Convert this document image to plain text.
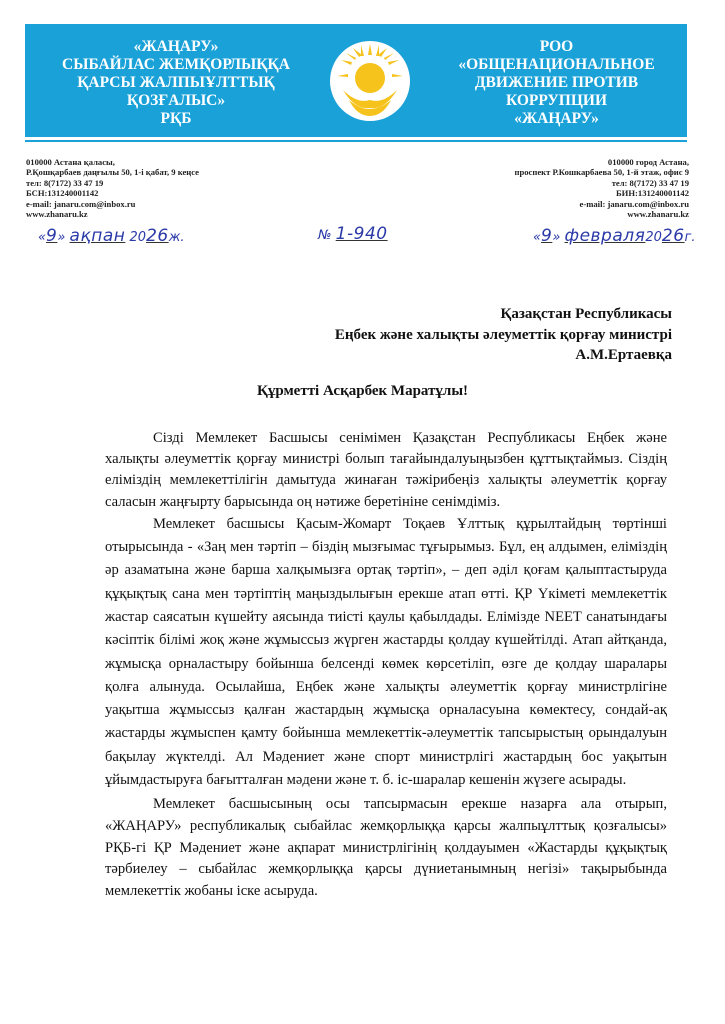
«ЖАҢАРУ»
СЫБАЙЛАС ЖЕМҚОРЛЫҚҚА
ҚАРСЫ ЖАЛПЫҰЛТТЫҚ
ҚОЗҒАЛЫС»
РҚБ
РОО
«ОБЩЕНАЦИОНАЛЬНОЕ
ДВИЖЕНИЕ ПРОТИВ
КОРРУПЦИИ
«ЖАҢАРУ»
010000 Астана қаласы,
Р.Қошқарбаев даңғылы 50, 1-і қабат, 9 кеңсе
тел: 8(7172) 33 47 19
БСН:131240001142
e-mail: janaru.com@inbox.ru
www.zhanaru.kz
010000 город Астана,
проспект Р.Кошкарбаева 50, 1-й этаж, офис 9
тел: 8(7172) 33 47 19
БИН:131240001142
e-mail: janaru.com@inbox.ru
www.zhanaru.kz
«9» ақпан 2026ж.	№ 1-940	«9» февраля2026г.
Қазақстан Республикасы
Еңбек және халықты әлеуметтік қорғау министрі
А.М.Ертаевқа
Құрметті Асқарбек Маратұлы!

Сізді Мемлекет Басшысы сенімімен Қазақстан Республикасы Еңбек және халықты әлеуметтік қорғау министрі болып тағайындалуыңызбен құттықтаймыз. Сіздің еліміздің мемлекеттілігін дамытуда жинаған тәжірибеңіз халықты әлеуметтік қорғау саласын жаңғырту барысында оң нәтиже беретініне сенімдіміз.

Мемлекет басшысы Қасым-Жомарт Тоқаев Ұлттық құрылтайдың төртінші отырысында - «Заң мен тәртіп – біздің мызғымас тұғырымыз. Бұл, ең алдымен, еліміздің әр азаматына және барша халқымызға ортақ тәртіп», – деп әділ қоғам қалыптастыруда құқықтық сана мен тәртіптің маңыздылығын ерекше атап өтті. ҚР Үкіметі мемлекеттік жастар саясатын күшейту аясында тиісті қаулы қабылдады. Елімізде NEET санатындағы кәсіптік білімі жоқ және жұмыссыз жүрген жастарды қолдау күшейтілді. Атап айтқанда, жұмысқа орналастыру бойынша белсенді көмек көрсетіліп, өзге де қолдау шаралары қолға алынуда. Осылайша, Еңбек және халықты әлеуметтік қорғау министрлігіне уақытша жұмыссыз қалған жастардың жұмысқа орналасуына көмектесу, сондай-ақ жастарды жұмыспен қамту бойынша мемлекеттік-әлеуметтік тапсырыстың орындалуын бақылау жүктелді. Ал Мәдениет және спорт министрлігі жастардың бос уақытын ұйымдастыруға бағытталған мәдени және т. б. іс-шаралар кешенін жүзеге асырады.

Мемлекет басшысының осы тапсырмасын ерекше назарға ала отырып, «ЖАҢАРУ» республикалық сыбайлас жемқорлыққа қарсы жалпыұлттық қозғалысы» РҚБ-гі ҚР Мәдениет және ақпарат министрлігінің қолдауымен «Жастарды құқықтық тәрбиелеу – сыбайлас жемқорлыққа қарсы дүниетанымның негізі» тақырыбында мемлекеттік жобаны іске асыруда.
